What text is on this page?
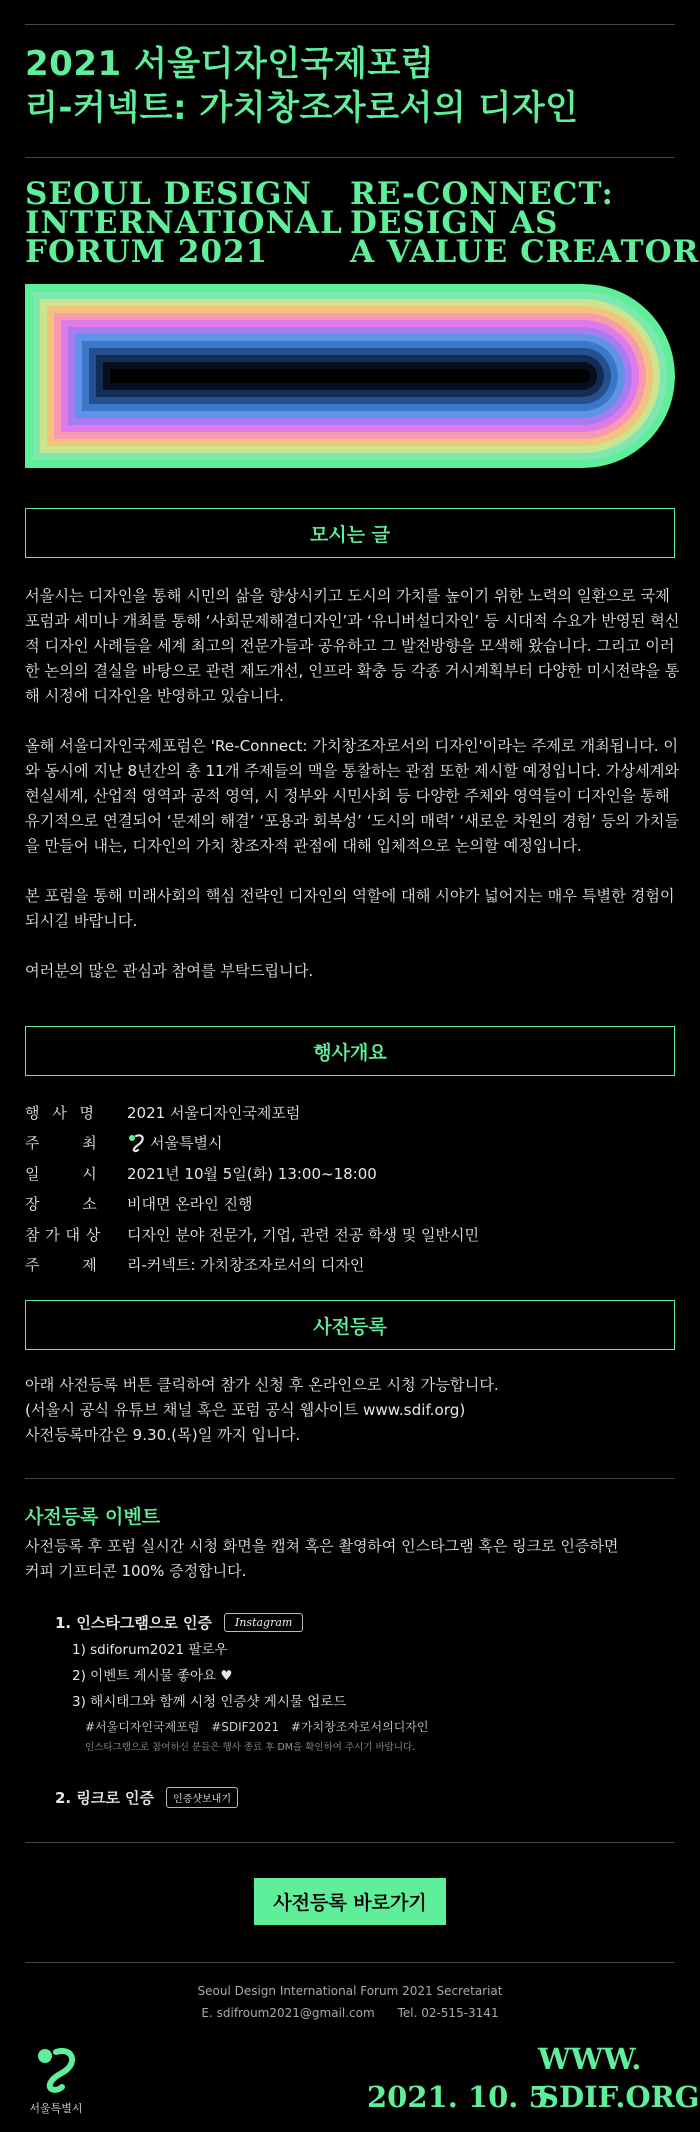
2021 서울디자인국제포럼
리-커넥트: 가치창조자로서의 디자인
SEOUL DESIGN
INTERNATIONAL
FORUM 2021
RE-CONNECT:
DESIGN AS
A VALUE CREATOR
모시는 글

서울시는 디자인을 통해 시민의 삶을 향상시키고 도시의 가치를 높이기 위한 노력의 일환으로 국제포럼과 세미나 개최를 통해 ‘사회문제해결디자인’과 ‘유니버설디자인’ 등 시대적 수요가 반영된 혁신적 디자인 사례들을 세계 최고의 전문가들과 공유하고 그 발전방향을 모색해 왔습니다. 그리고 이러한 논의의 결실을 바탕으로 관련 제도개선, 인프라 확충 등 각종 거시계획부터 다양한 미시전략을 통해 시정에 디자인을 반영하고 있습니다.

올해 서울디자인국제포럼은 'Re-Connect: 가치창조자로서의 디자인'이라는 주제로 개최됩니다. 이와 동시에 지난 8년간의 총 11개 주제들의 맥을 통찰하는 관점 또한 제시할 예정입니다. 가상세계와 현실세계, 산업적 영역과 공적 영역, 시 정부와 시민사회 등 다양한 주체와 영역들이 디자인을 통해 유기적으로 연결되어 ‘문제의 해결’ ‘포용과 회복성’ ‘도시의 매력’ ‘새로운 차원의 경험’ 등의 가치들을 만들어 내는, 디자인의 가치 창조자적 관점에 대해 입체적으로 논의할 예정입니다.

본 포럼을 통해 미래사회의 핵심 전략인 디자인의 역할에 대해 시야가 넓어지는 매우 특별한 경험이 되시길 바랍니다.

여러분의 많은 관심과 참여를 부탁드립니다.

행사개요
행 사 명	2021 서울디자인국제포럼
주 최	서울특별시
일 시	2021년 10월 5일(화) 13:00~18:00
장 소	비대면 온라인 진행
참 가 대 상	디자인 분야 전문가, 기업, 관련 전공 학생 및 일반시민
주 제	리-커넥트: 가치창조자로서의 디자인
사전등록

아래 사전등록 버튼 클릭하여 참가 신청 후 온라인으로 시청 가능합니다.

(서울시 공식 유튜브 채널 혹은 포럼 공식 웹사이트 www.sdif.org)

사전등록마감은 9.30.(목)일 까지 입니다.

사전등록 이벤트
사전등록 후 포럼 실시간 시청 화면을 캡쳐 혹은 촬영하여 인스타그램 혹은 링크로 인증하면
커피 기프티콘 100% 증정합니다.
1. 인스타그램으로 인증	Instagram
1) sdiforum2021 팔로우
2) 이벤트 게시물 좋아요 ♥
3) 해시태그와 함께 시청 인증샷 게시물 업로드
#서울디자인국제포럼 #SDIF2021 #가치창조자로서의디자인
인스타그램으로 참여하신 분들은 행사 종료 후 DM을 확인하여 주시기 바랍니다.
2. 링크로 인증	인증샷보내기
사전등록 바로가기
Seoul Design International Forum 2021 Secretariat
E. sdifroum2021@gmail.com      Tel. 02-515-3141
서울특별시	2021. 10. 5
WWW.
SDIF.ORG
